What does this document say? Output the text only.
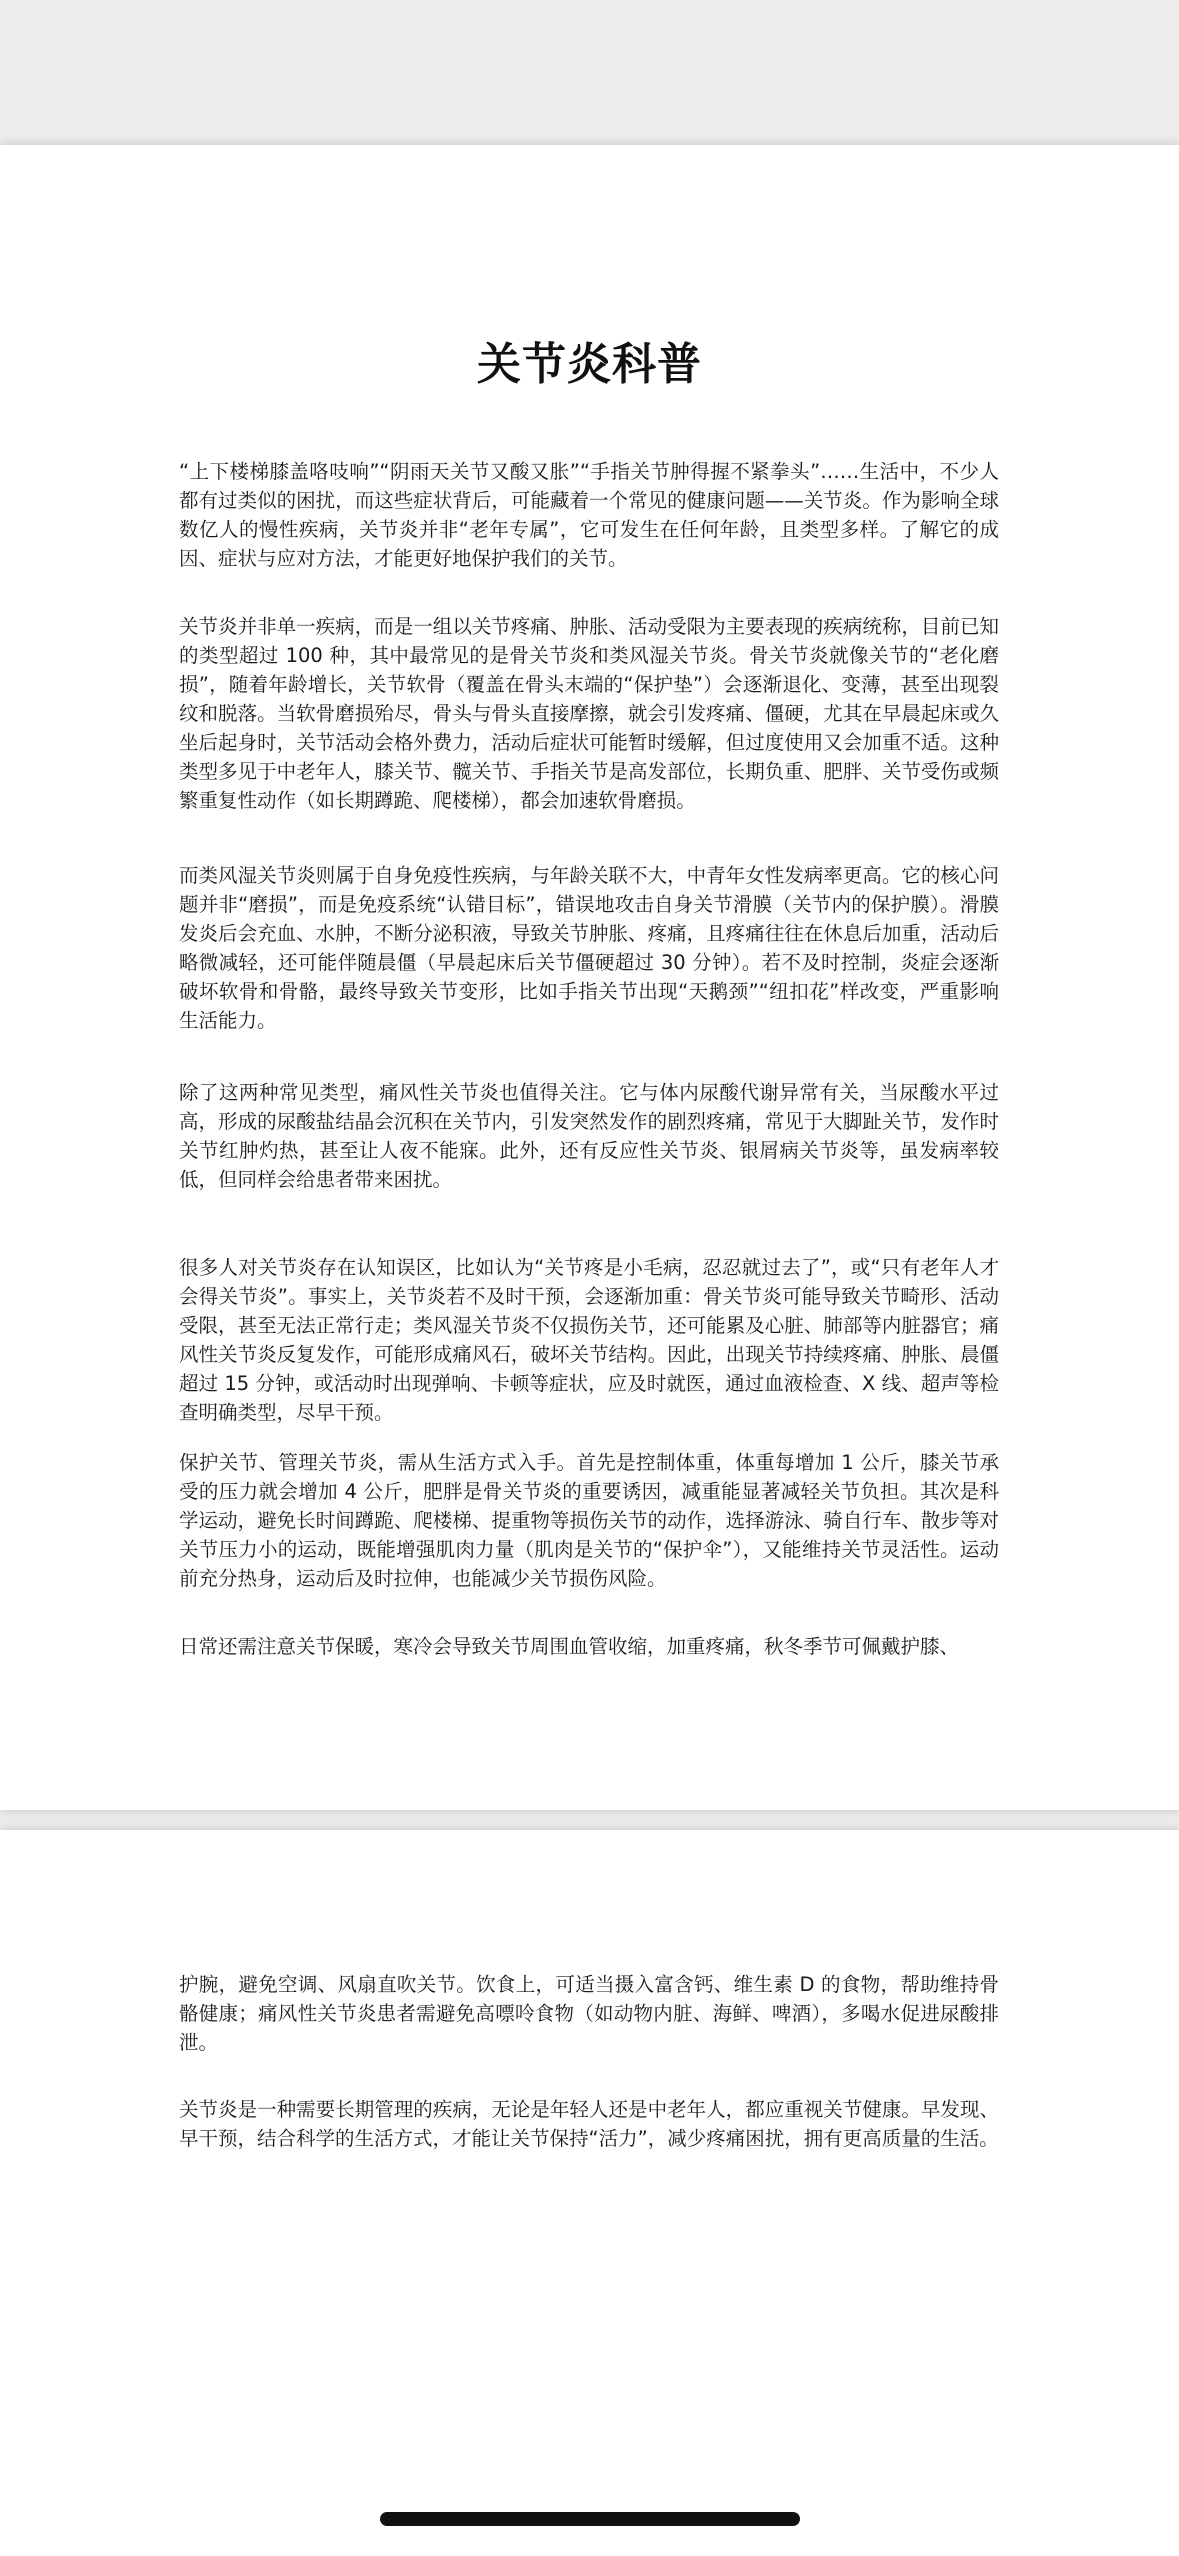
关节炎科普

“上下楼梯膝盖咯吱响”“阴雨天关节又酸又胀”“手指关节肿得握不紧拳头”……生活中，不少人都有过类似的困扰，而这些症状背后，可能藏着一个常见的健康问题——关节炎。作为影响全球数亿人的慢性疾病，关节炎并非“老年专属”，它可发生在任何年龄，且类型多样。了解它的成因、症状与应对方法，才能更好地保护我们的关节。

关节炎并非单一疾病，而是一组以关节疼痛、肿胀、活动受限为主要表现的疾病统称，目前已知的类型超过 100 种，其中最常见的是骨关节炎和类风湿关节炎。骨关节炎就像关节的“老化磨损”，随着年龄增长，关节软骨（覆盖在骨头末端的“保护垫”）会逐渐退化、变薄，甚至出现裂纹和脱落。当软骨磨损殆尽，骨头与骨头直接摩擦，就会引发疼痛、僵硬，尤其在早晨起床或久坐后起身时，关节活动会格外费力，活动后症状可能暂时缓解，但过度使用又会加重不适。这种类型多见于中老年人，膝关节、髋关节、手指关节是高发部位，长期负重、肥胖、关节受伤或频繁重复性动作（如长期蹲跪、爬楼梯），都会加速软骨磨损。

而类风湿关节炎则属于自身免疫性疾病，与年龄关联不大，中青年女性发病率更高。它的核心问题并非“磨损”，而是免疫系统“认错目标”，错误地攻击自身关节滑膜（关节内的保护膜）。滑膜发炎后会充血、水肿，不断分泌积液，导致关节肿胀、疼痛，且疼痛往往在休息后加重，活动后略微减轻，还可能伴随晨僵（早晨起床后关节僵硬超过 30 分钟）。若不及时控制，炎症会逐渐破坏软骨和骨骼，最终导致关节变形，比如手指关节出现“天鹅颈”“纽扣花”样改变，严重影响生活能力。

除了这两种常见类型，痛风性关节炎也值得关注。它与体内尿酸代谢异常有关，当尿酸水平过高，形成的尿酸盐结晶会沉积在关节内，引发突然发作的剧烈疼痛，常见于大脚趾关节，发作时关节红肿灼热，甚至让人夜不能寐。此外，还有反应性关节炎、银屑病关节炎等，虽发病率较低，但同样会给患者带来困扰。

很多人对关节炎存在认知误区，比如认为“关节疼是小毛病，忍忍就过去了”，或“只有老年人才会得关节炎”。事实上，关节炎若不及时干预，会逐渐加重：骨关节炎可能导致关节畸形、活动受限，甚至无法正常行走；类风湿关节炎不仅损伤关节，还可能累及心脏、肺部等内脏器官；痛风性关节炎反复发作，可能形成痛风石，破坏关节结构。因此，出现关节持续疼痛、肿胀、晨僵超过 15 分钟，或活动时出现弹响、卡顿等症状，应及时就医，通过血液检查、X 线、超声等检查明确类型，尽早干预。

保护关节、管理关节炎，需从生活方式入手。首先是控制体重，体重每增加 1 公斤，膝关节承受的压力就会增加 4 公斤，肥胖是骨关节炎的重要诱因，减重能显著减轻关节负担。其次是科学运动，避免长时间蹲跪、爬楼梯、提重物等损伤关节的动作，选择游泳、骑自行车、散步等对关节压力小的运动，既能增强肌肉力量（肌肉是关节的“保护伞”），又能维持关节灵活性。运动前充分热身，运动后及时拉伸，也能减少关节损伤风险。

日常还需注意关节保暖，寒冷会导致关节周围血管收缩，加重疼痛，秋冬季节可佩戴护膝、

护腕，避免空调、风扇直吹关节。饮食上，可适当摄入富含钙、维生素 D 的食物，帮助维持骨骼健康；痛风性关节炎患者需避免高嘌呤食物（如动物内脏、海鲜、啤酒），多喝水促进尿酸排泄。

关节炎是一种需要长期管理的疾病，无论是年轻人还是中老年人，都应重视关节健康。早发现、早干预，结合科学的生活方式，才能让关节保持“活力”，减少疼痛困扰，拥有更高质量的生活。
